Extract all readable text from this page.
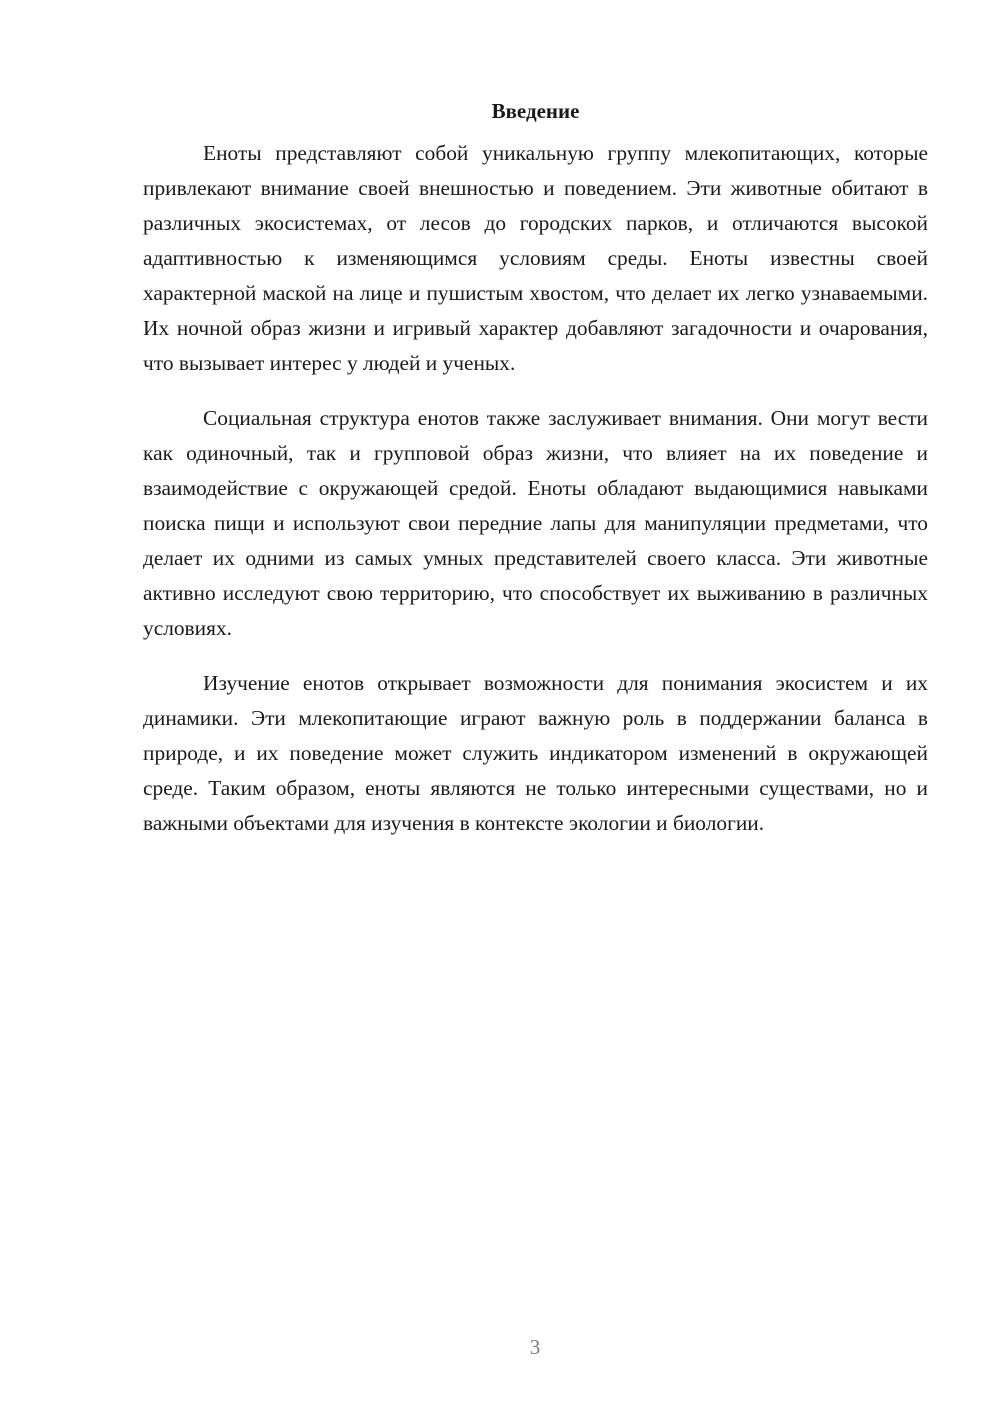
Введение

Еноты представляют собой уникальную группу млекопитающих, которые привлекают внимание своей внешностью и поведением. Эти животные обитают в различных экосистемах, от лесов до городских парков, и отличаются высокой адаптивностью к изменяющимся условиям среды. Еноты известны своей характерной маской на лице и пушистым хвостом, что делает их легко узнаваемыми. Их ночной образ жизни и игривый характер добавляют загадочности и очарования, что вызывает интерес у людей и ученых.

Социальная структура енотов также заслуживает внимания. Они могут вести как одиночный, так и групповой образ жизни, что влияет на их поведение и взаимодействие с окружающей средой. Еноты обладают выдающимися навыками поиска пищи и используют свои передние лапы для манипуляции предметами, что делает их одними из самых умных представителей своего класса. Эти животные активно исследуют свою территорию, что способствует их выживанию в различных условиях.

Изучение енотов открывает возможности для понимания экосистем и их динамики. Эти млекопитающие играют важную роль в поддержании баланса в природе, и их поведение может служить индикатором изменений в окружающей среде. Таким образом, еноты являются не только интересными существами, но и важными объектами для изучения в контексте экологии и биологии.

3
